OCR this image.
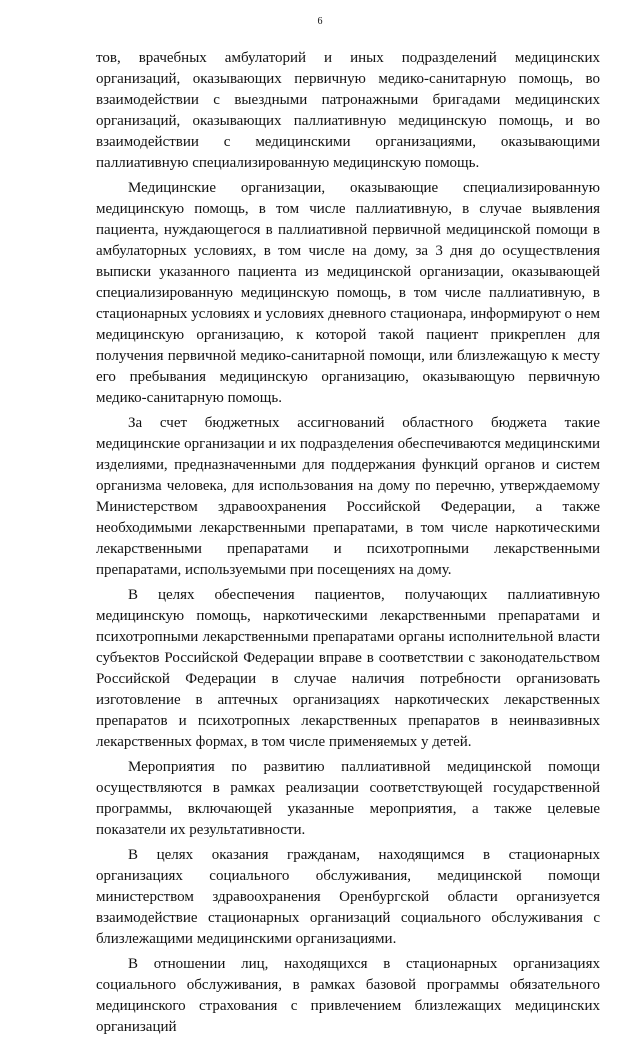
6

тов, врачебных амбулаторий и иных подразделений медицинских организаций, оказывающих первичную медико-санитарную помощь, во взаимодействии с выездными патронажными бригадами медицинских организаций, оказывающих паллиативную медицинскую помощь, и во взаимодействии с медицинскими организациями, оказывающими паллиативную специализированную медицинскую помощь.

Медицинские организации, оказывающие специализированную медицинскую помощь, в том числе паллиативную, в случае выявления пациента, нуждающегося в паллиативной первичной медицинской помощи в амбулаторных условиях, в том числе на дому, за 3 дня до осуществления выписки указанного пациента из медицинской организации, оказывающей специализированную медицинскую помощь, в том числе паллиативную, в стационарных условиях и условиях дневного стационара, информируют о нем медицинскую организацию, к которой такой пациент прикреплен для получения первичной медико-санитарной помощи, или близлежащую к месту его пребывания медицинскую организацию, оказывающую первичную медико-санитарную помощь.

За счет бюджетных ассигнований областного бюджета такие медицинские организации и их подразделения обеспечиваются медицинскими изделиями, предназначенными для поддержания функций органов и систем организма человека, для использования на дому по перечню, утверждаемому Министерством здравоохранения Российской Федерации, а также необходимыми лекарственными препаратами, в том числе наркотическими лекарственными препаратами и психотропными лекарственными препаратами, используемыми при посещениях на дому.

В целях обеспечения пациентов, получающих паллиативную медицинскую помощь, наркотическими лекарственными препаратами и психотропными лекарственными препаратами органы исполнительной власти субъектов Российской Федерации вправе в соответствии с законодательством Российской Федерации в случае наличия потребности организовать изготовление в аптечных организациях наркотических лекарственных препаратов и психотропных лекарственных препаратов в неинвазивных лекарственных формах, в том числе применяемых у детей.

Мероприятия по развитию паллиативной медицинской помощи осуществляются в рамках реализации соответствующей государственной программы, включающей указанные мероприятия, а также целевые показатели их результативности.

В целях оказания гражданам, находящимся в стационарных организациях социального обслуживания, медицинской помощи министерством здравоохранения Оренбургской области организуется взаимодействие стационарных организаций социального обслуживания с близлежащими медицинскими организациями.

В отношении лиц, находящихся в стационарных организациях социального обслуживания, в рамках базовой программы обязательного медицинского страхования с привлечением близлежащих медицинских организаций
